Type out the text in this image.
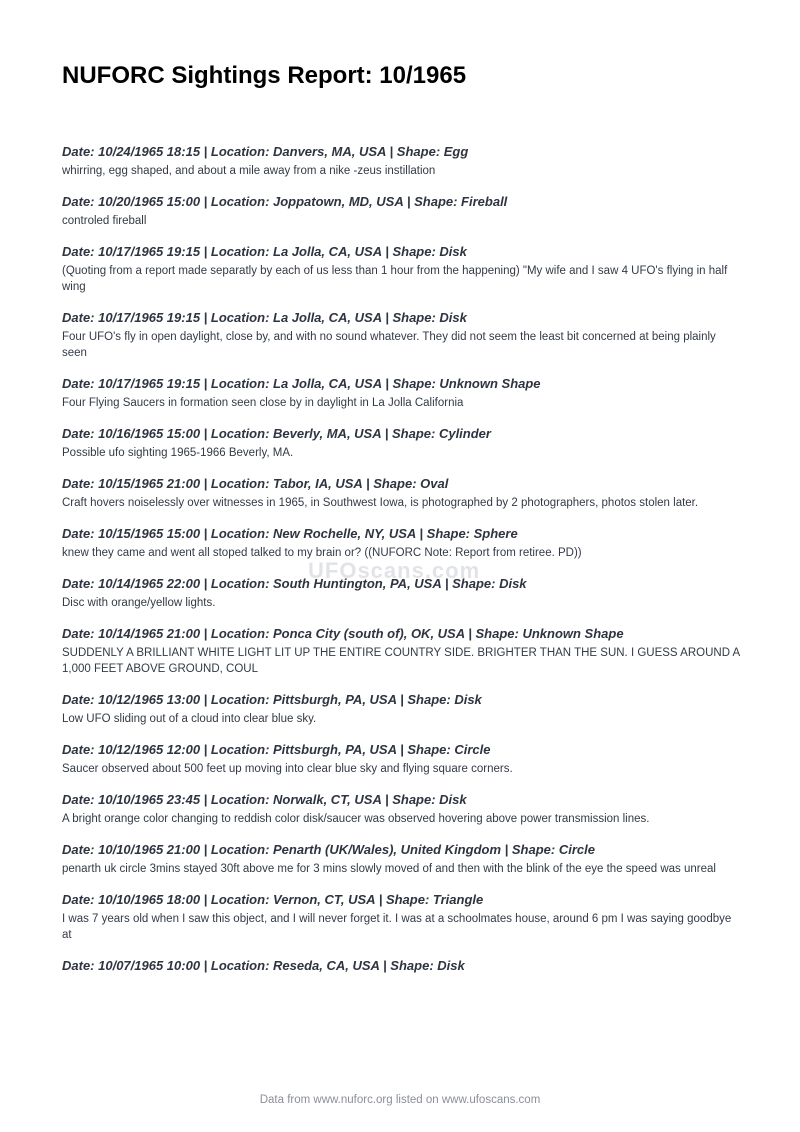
NUFORC Sightings Report: 10/1965
Date: 10/24/1965 18:15 | Location: Danvers, MA, USA | Shape: Egg
whirring, egg shaped, and about a mile away from a nike -zeus instillation
Date: 10/20/1965 15:00 | Location: Joppatown, MD, USA | Shape: Fireball
controled fireball
Date: 10/17/1965 19:15 | Location: La Jolla, CA, USA | Shape: Disk
(Quoting from a report made separatly by each of us less than 1 hour from the happening) "My wife and I saw 4 UFO's flying in half wing
Date: 10/17/1965 19:15 | Location: La Jolla, CA, USA | Shape: Disk
Four UFO's fly in open daylight, close by, and with no sound whatever. They did not seem the least bit concerned at being plainly seen
Date: 10/17/1965 19:15 | Location: La Jolla, CA, USA | Shape: Unknown Shape
Four Flying Saucers in formation seen close by in daylight in La Jolla California
Date: 10/16/1965 15:00 | Location: Beverly, MA, USA | Shape: Cylinder
Possible ufo sighting 1965-1966 Beverly, MA.
Date: 10/15/1965 21:00 | Location: Tabor, IA, USA | Shape: Oval
Craft hovers noiselessly over witnesses in 1965, in Southwest Iowa, is photographed by 2 photographers, photos stolen later.
Date: 10/15/1965 15:00 | Location: New Rochelle, NY, USA | Shape: Sphere
knew they came and went all stoped talked to my brain or? ((NUFORC Note: Report from retiree. PD))
Date: 10/14/1965 22:00 | Location: South Huntington, PA, USA | Shape: Disk
Disc with orange/yellow lights.
Date: 10/14/1965 21:00 | Location: Ponca City (south of), OK, USA | Shape: Unknown Shape
SUDDENLY A BRILLIANT WHITE LIGHT LIT UP THE ENTIRE COUNTRY SIDE. BRIGHTER THAN THE SUN. I GUESS AROUND A 1,000 FEET ABOVE GROUND, COUL
Date: 10/12/1965 13:00 | Location: Pittsburgh, PA, USA | Shape: Disk
Low UFO sliding out of a cloud into clear blue sky.
Date: 10/12/1965 12:00 | Location: Pittsburgh, PA, USA | Shape: Circle
Saucer observed about 500 feet up moving into clear blue sky and flying square corners.
Date: 10/10/1965 23:45 | Location: Norwalk, CT, USA | Shape: Disk
A bright orange color changing to reddish color disk/saucer was observed hovering above power transmission lines.
Date: 10/10/1965 21:00 | Location: Penarth (UK/Wales), United Kingdom | Shape: Circle
penarth uk circle 3mins stayed 30ft above me for 3 mins slowly moved of and then with the blink of the eye the speed was unreal
Date: 10/10/1965 18:00 | Location: Vernon, CT, USA | Shape: Triangle
I was 7 years old when I saw this object, and I will never forget it. I was at a schoolmates house, around 6 pm I was saying goodbye at
Date: 10/07/1965 10:00 | Location: Reseda, CA, USA | Shape: Disk
UFOscans.com
Data from www.nuforc.org listed on www.ufoscans.com
